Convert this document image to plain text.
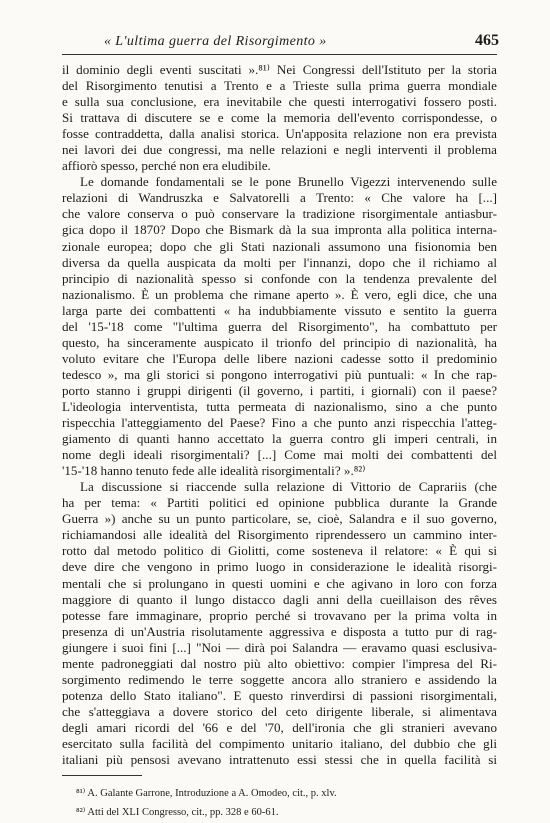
« L'ultima guerra del Risorgimento »	465
il dominio degli eventi suscitati ».⁸¹⁾ Nei Congressi dell'Istituto per la storia
del Risorgimento tenutisi a Trento e a Trieste sulla prima guerra mondiale
e sulla sua conclusione, era inevitabile che questi interrogativi fossero posti.
Si trattava di discutere se e come la memoria dell'evento corrispondesse, o
fosse contraddetta, dalla analisi storica. Un'apposita relazione non era prevista
nei lavori dei due congressi, ma nelle relazioni e negli interventi il problema
affiorò spesso, perché non era eludibile.
Le domande fondamentali se le pone Brunello Vigezzi intervenendo sulle
relazioni di Wandruszka e Salvatorelli a Trento: « Che valore ha [...]
che valore conserva o può conservare la tradizione risorgimentale antiasbur-
gica dopo il 1870? Dopo che Bismark dà la sua impronta alla politica interna-
zionale europea; dopo che gli Stati nazionali assumono una fisionomia ben
diversa da quella auspicata da molti per l'innanzi, dopo che il richiamo al
principio di nazionalità spesso si confonde con la tendenza prevalente del
nazionalismo. È un problema che rimane aperto ». È vero, egli dice, che una
larga parte dei combattenti « ha indubbiamente vissuto e sentito la guerra
del '15-'18 come "l'ultima guerra del Risorgimento", ha combattuto per
questo, ha sinceramente auspicato il trionfo del principio di nazionalità, ha
voluto evitare che l'Europa delle libere nazioni cadesse sotto il predominio
tedesco », ma gli storici si pongono interrogativi più puntuali: « In che rap-
porto stanno i gruppi dirigenti (il governo, i partiti, i giornali) con il paese?
L'ideologia interventista, tutta permeata di nazionalismo, sino a che punto
rispecchia l'atteggiamento del Paese? Fino a che punto anzi rispecchia l'atteg-
giamento di quanti hanno accettato la guerra contro gli imperi centrali, in
nome degli ideali risorgimentali? [...] Come mai molti dei combattenti del
'15-'18 hanno tenuto fede alle idealità risorgimentali? ».⁸²⁾
La discussione si riaccende sulla relazione di Vittorio de Caprariis (che
ha per tema: « Partiti politici ed opinione pubblica durante la Grande
Guerra ») anche su un punto particolare, se, cioè, Salandra e il suo governo,
richiamandosi alle idealità del Risorgimento riprendessero un cammino inter-
rotto dal metodo politico di Giolitti, come sosteneva il relatore: « È qui si
deve dire che vengono in primo luogo in considerazione le idealità risorgi-
mentali che si prolungano in questi uomini e che agivano in loro con forza
maggiore di quanto il lungo distacco dagli anni della cueillaison des rêves
potesse fare immaginare, proprio perché si trovavano per la prima volta in
presenza di un'Austria risolutamente aggressiva e disposta a tutto pur di rag-
giungere i suoi fini [...] "Noi — dirà poi Salandra — eravamo quasi esclusiva-
mente padroneggiati dal nostro più alto obiettivo: compier l'impresa del Ri-
sorgimento redimendo le terre soggette ancora allo straniero e assidendo la
potenza dello Stato italiano". E questo rinverdirsi di passioni risorgimentali,
che s'atteggiava a dovere storico del ceto dirigente liberale, si alimentava
degli amari ricordi del '66 e del '70, dell'ironia che gli stranieri avevano
esercitato sulla facilità del compimento unitario italiano, del dubbio che gli
italiani più pensosi avevano intrattenuto essi stessi che in quella facilità si
⁸¹⁾ A. Galante Garrone, Introduzione a A. Omodeo, cit., p. xlv.
⁸²⁾ Atti del XLI Congresso, cit., pp. 328 e 60-61.
